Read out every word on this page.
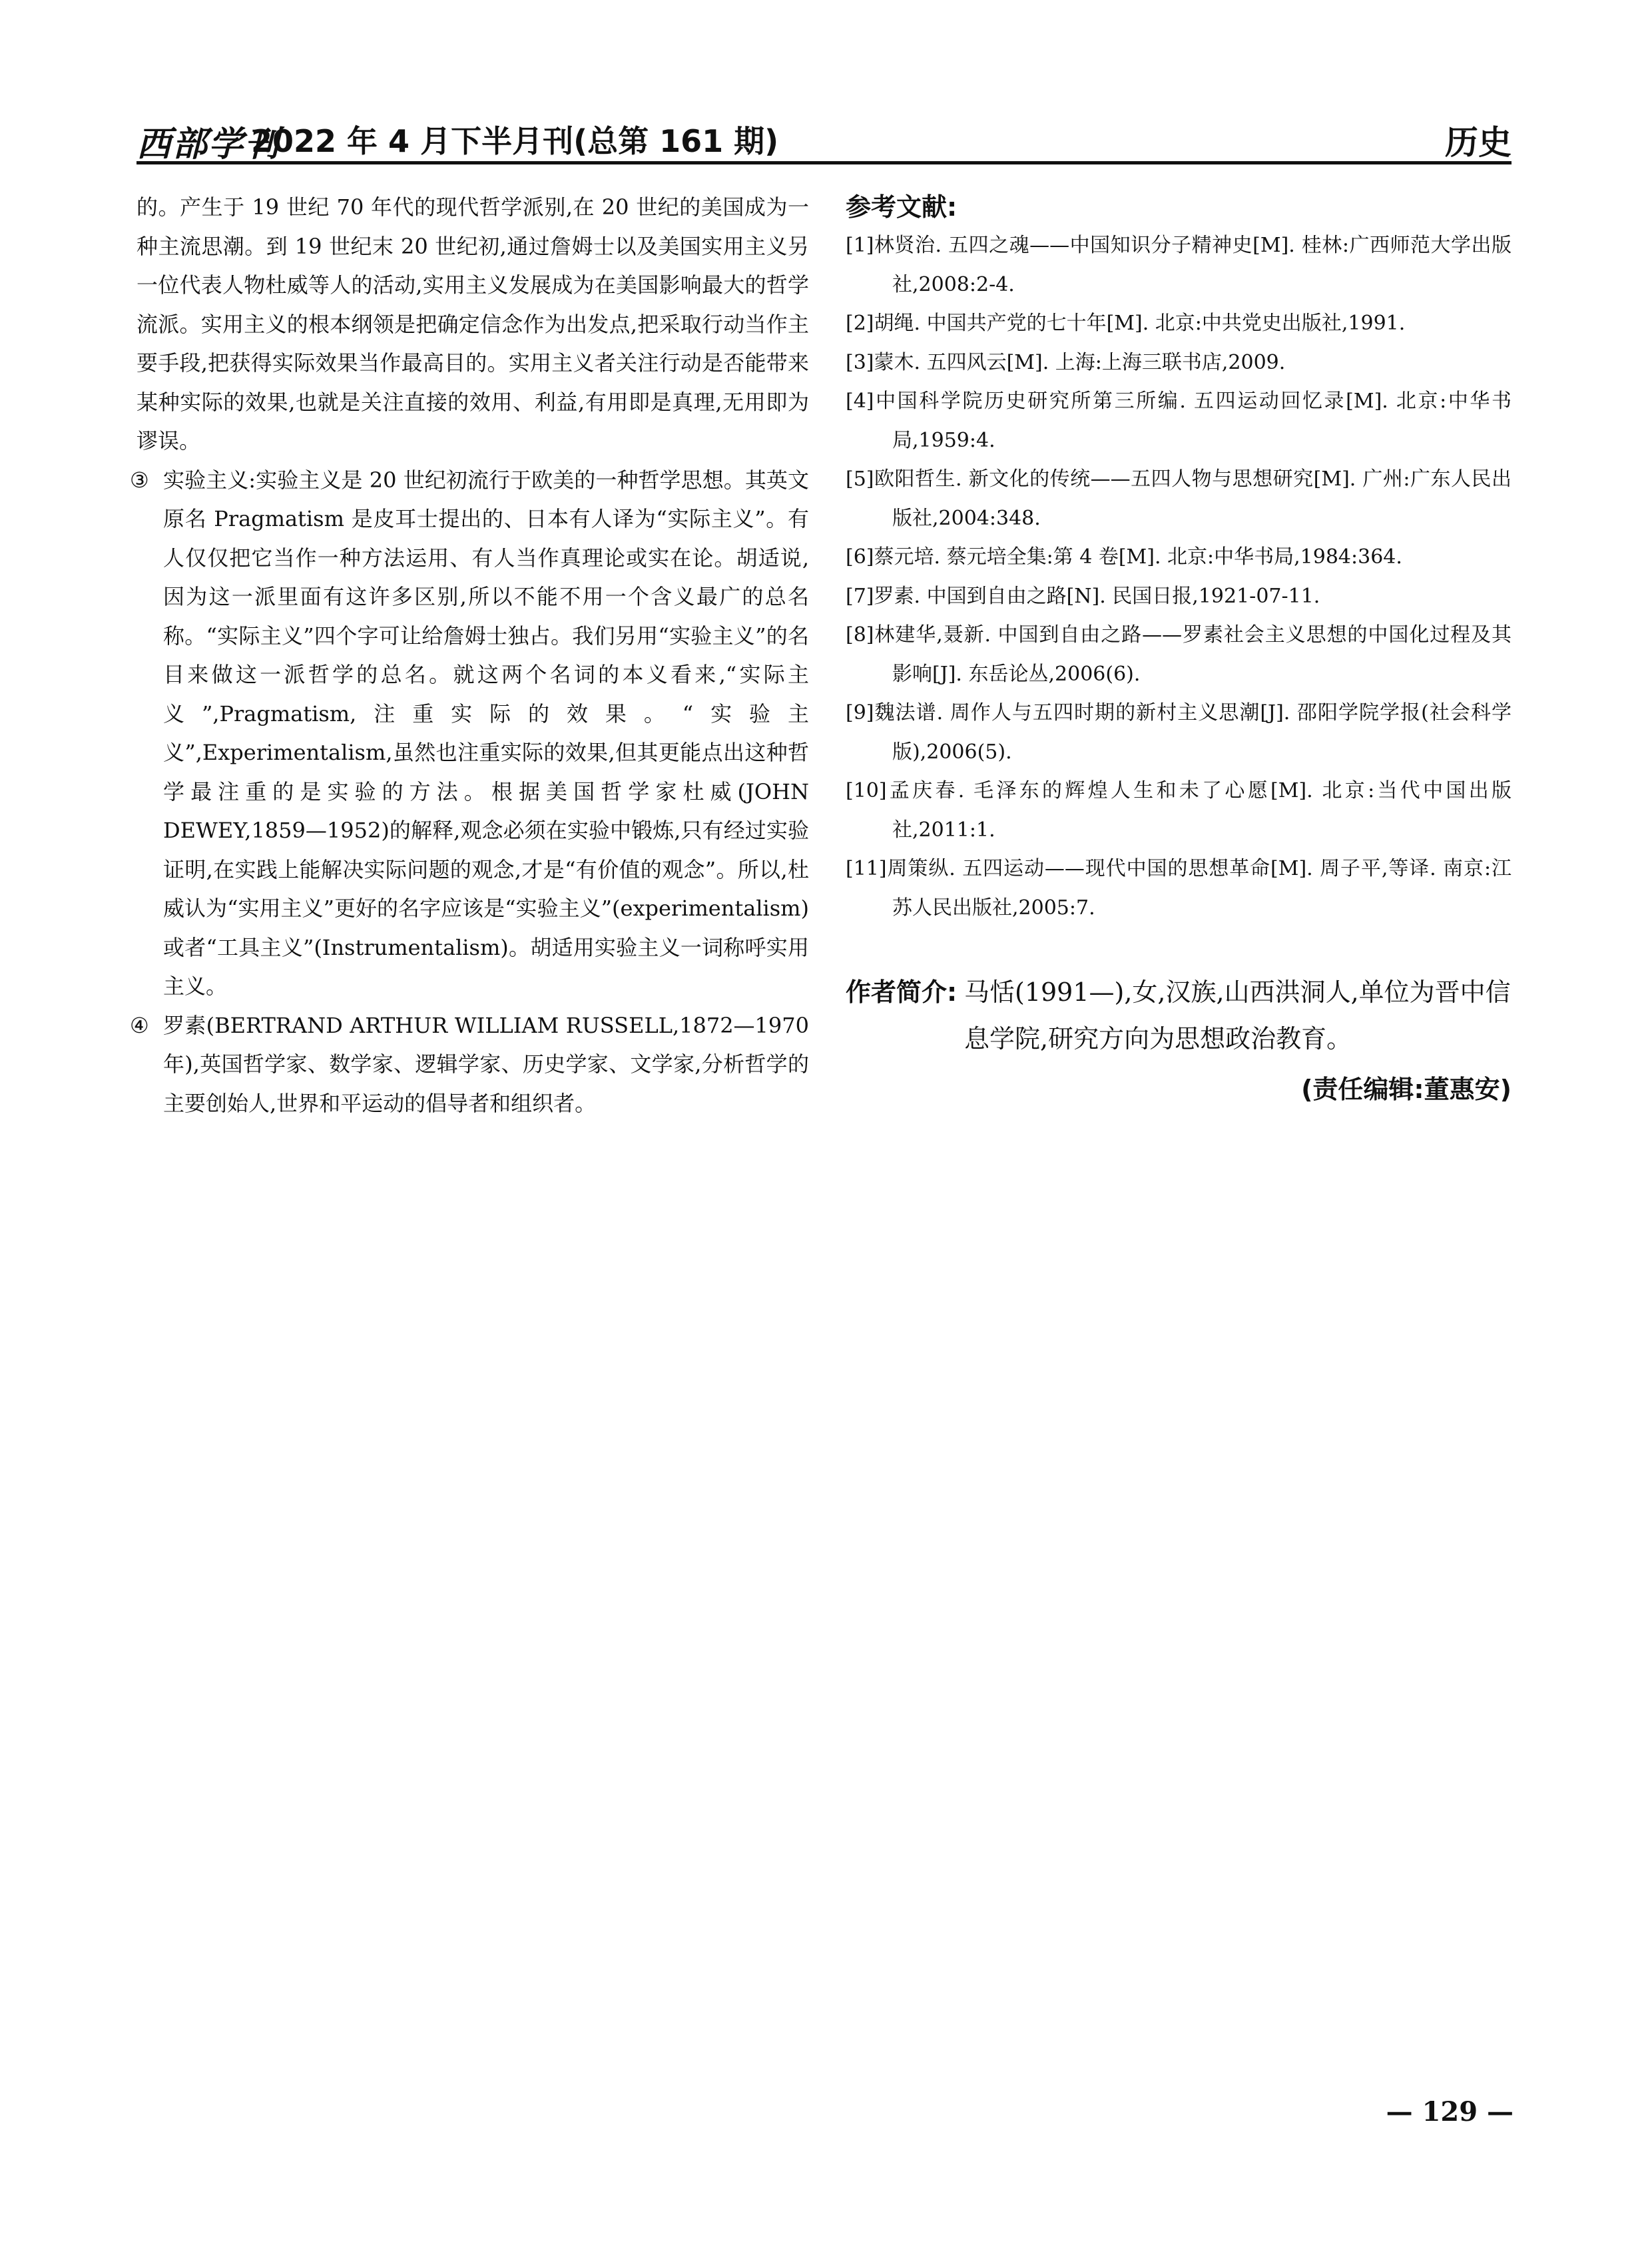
西部学刊
2022 年 4 月下半月刊(总第 161 期)	历史

的。产生于 19 世纪 70 年代的现代哲学派别,在 20 世纪的美国成为一种主流思潮。到 19 世纪末 20 世纪初,通过詹姆士以及美国实用主义另一位代表人物杜威等人的活动,实用主义发展成为在美国影响最大的哲学流派。实用主义的根本纲领是把确定信念作为出发点,把采取行动当作主要手段,把获得实际效果当作最高目的。实用主义者关注行动是否能带来某种实际的效果,也就是关注直接的效用、利益,有用即是真理,无用即为谬误。

③ 实验主义:实验主义是 20 世纪初流行于欧美的一种哲学思想。其英文原名 Pragmatism 是皮耳士提出的、日本有人译为“实际主义”。有人仅仅把它当作一种方法运用、有人当作真理论或实在论。胡适说,因为这一派里面有这许多区别,所以不能不用一个含义最广的总名称。“实际主义”四个字可让给詹姆士独占。我们另用“实验主义”的名目来做这一派哲学的总名。就这两个名词的本义看来,“实际主义”,Pragmatism,注重实际的效果。“实验主义”,Experimentalism,虽然也注重实际的效果,但其更能点出这种哲学最注重的是实验的方法。根据美国哲学家杜威(JOHN DEWEY,1859—1952)的解释,观念必须在实验中锻炼,只有经过实验证明,在实践上能解决实际问题的观念,才是“有价值的观念”。所以,杜威认为“实用主义”更好的名字应该是“实验主义”(experimentalism)或者“工具主义”(Instrumentalism)。胡适用实验主义一词称呼实用主义。

④ 罗素(BERTRAND ARTHUR WILLIAM RUSSELL,1872—1970 年),英国哲学家、数学家、逻辑学家、历史学家、文学家,分析哲学的主要创始人,世界和平运动的倡导者和组织者。

参考文献:
[1]林贤治. 五四之魂——中国知识分子精神史[M]. 桂林:广西师范大学出版社,2008:2-4.
[2]胡绳. 中国共产党的七十年[M]. 北京:中共党史出版社,1991.
[3]蒙木. 五四风云[M]. 上海:上海三联书店,2009.
[4]中国科学院历史研究所第三所编. 五四运动回忆录[M]. 北京:中华书局,1959:4.
[5]欧阳哲生. 新文化的传统——五四人物与思想研究[M]. 广州:广东人民出版社,2004:348.
[6]蔡元培. 蔡元培全集:第 4 卷[M]. 北京:中华书局,1984:364.
[7]罗素. 中国到自由之路[N]. 民国日报,1921-07-11.
[8]林建华,聂新. 中国到自由之路——罗素社会主义思想的中国化过程及其影响[J]. 东岳论丛,2006(6).
[9]魏法谱. 周作人与五四时期的新村主义思潮[J]. 邵阳学院学报(社会科学版),2006(5).
[10]孟庆春. 毛泽东的辉煌人生和未了心愿[M]. 北京:当代中国出版社,2011:1.
[11]周策纵. 五四运动——现代中国的思想革命[M]. 周子平,等译. 南京:江苏人民出版社,2005:7.
作者简介: 马恬(1991—),女,汉族,山西洪洞人,单位为晋中信息学院,研究方向为思想政治教育。
(责任编辑:董惠安)
— 129 —
